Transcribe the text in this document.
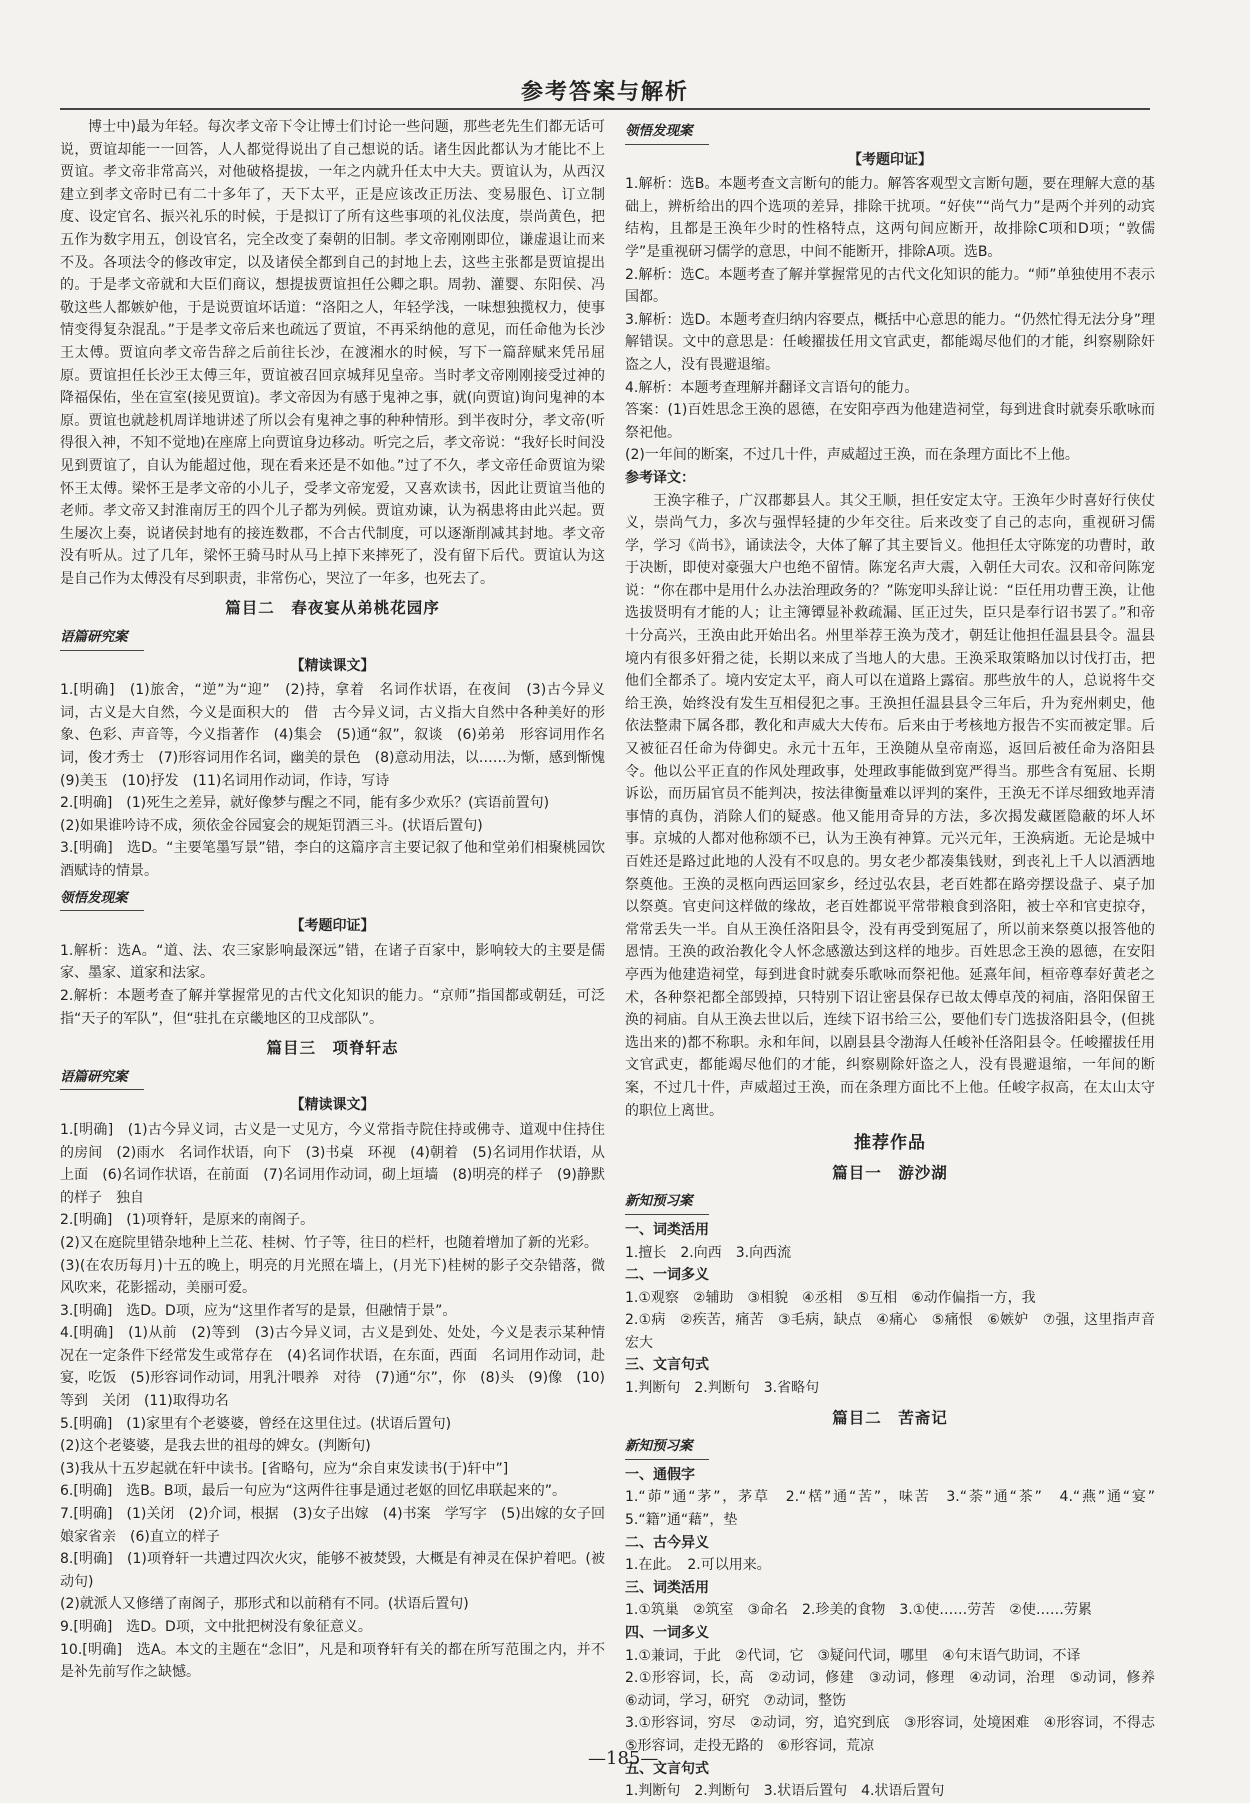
参考答案与解析

博士中)最为年轻。每次孝文帝下令让博士们讨论一些问题，那些老先生们都无话可说，贾谊却能一一回答，人人都觉得说出了自己想说的话。诸生因此都认为才能比不上贾谊。孝文帝非常高兴，对他破格提拔，一年之内就升任太中大夫。贾谊认为，从西汉建立到孝文帝时已有二十多年了，天下太平，正是应该改正历法、变易服色、订立制度、设定官名、振兴礼乐的时候，于是拟订了所有这些事项的礼仪法度，崇尚黄色，把五作为数字用五，创设官名，完全改变了秦朝的旧制。孝文帝刚刚即位，谦虚退让而来不及。各项法令的修改审定，以及诸侯全都到自己的封地上去，这些主张都是贾谊提出的。于是孝文帝就和大臣们商议，想提拔贾谊担任公卿之职。周勃、灌婴、东阳侯、冯敬这些人都嫉妒他，于是说贾谊坏话道：“洛阳之人，年轻学浅，一味想独揽权力，使事情变得复杂混乱。”于是孝文帝后来也疏远了贾谊，不再采纳他的意见，而任命他为长沙王太傅。贾谊向孝文帝告辞之后前往长沙，在渡湘水的时候，写下一篇辞赋来凭吊屈原。贾谊担任长沙王太傅三年，贾谊被召回京城拜见皇帝。当时孝文帝刚刚接受过神的降福保佑，坐在宣室(接见贾谊)。孝文帝因为有感于鬼神之事，就(向贾谊)询问鬼神的本原。贾谊也就趁机周详地讲述了所以会有鬼神之事的种种情形。到半夜时分，孝文帝(听得很入神，不知不觉地)在座席上向贾谊身边移动。听完之后，孝文帝说：“我好长时间没见到贾谊了，自认为能超过他，现在看来还是不如他。”过了不久，孝文帝任命贾谊为梁怀王太傅。梁怀王是孝文帝的小儿子，受孝文帝宠爱，又喜欢读书，因此让贾谊当他的老师。孝文帝又封淮南厉王的四个儿子都为列候。贾谊劝谏，认为祸患将由此兴起。贾生屡次上奏，说诸侯封地有的接连数郡，不合古代制度，可以逐渐削减其封地。孝文帝没有听从。过了几年，梁怀王骑马时从马上掉下来摔死了，没有留下后代。贾谊认为这是自己作为太傅没有尽到职责，非常伤心，哭泣了一年多，也死去了。

篇目二　春夜宴从弟桃花园序
语篇研究案
【精读课文】

1.[明确]　(1)旅舍，“逆”为“迎”　(2)持，拿着　名词作状语，在夜间　(3)古今异义词，古义是大自然，今义是面积大的　借　古今异义词，古义指大自然中各种美好的形象、色彩、声音等，今义指著作　(4)集会　(5)通“叙”，叙谈　(6)弟弟　形容词用作名词，俊才秀士　(7)形容词用作名词，幽美的景色　(8)意动用法，以……为惭，感到惭愧　(9)美玉　(10)抒发　(11)名词用作动词，作诗，写诗

2.[明确]　(1)死生之差异，就好像梦与醒之不同，能有多少欢乐？(宾语前置句)

(2)如果谁吟诗不成，须依金谷园宴会的规矩罚酒三斗。(状语后置句)

3.[明确]　选D。“主要笔墨写景”错，李白的这篇序言主要记叙了他和堂弟们相聚桃园饮酒赋诗的情景。

领悟发现案
【考题印证】

1.解析：选A。“道、法、农三家影响最深远”错，在诸子百家中，影响较大的主要是儒家、墨家、道家和法家。

2.解析：本题考查了解并掌握常见的古代文化知识的能力。“京师”指国都或朝廷，可泛指“天子的军队”，但“驻扎在京畿地区的卫戍部队”。

篇目三　项脊轩志
语篇研究案
【精读课文】

1.[明确]　(1)古今异义词，古义是一丈见方，今义常指寺院住持或佛寺、道观中住持住的房间　(2)雨水　名词作状语，向下　(3)书桌　环视　(4)朝着　(5)名词用作状语，从上面　(6)名词作状语，在前面　(7)名词用作动词，砌上垣墙　(8)明亮的样子　(9)静默的样子　独自

2.[明确]　(1)项脊轩，是原来的南阁子。

(2)又在庭院里错杂地种上兰花、桂树、竹子等，往日的栏杆，也随着增加了新的光彩。

(3)(在农历每月)十五的晚上，明亮的月光照在墙上，(月光下)桂树的影子交杂错落，微风吹来，花影摇动，美丽可爱。

3.[明确]　选D。D项，应为“这里作者写的是景，但融情于景”。

4.[明确]　(1)从前　(2)等到　(3)古今异义词，古义是到处、处处，今义是表示某种情况在一定条件下经常发生或常存在　(4)名词作状语，在东面，西面　名词用作动词，赴宴，吃饭　(5)形容词作动词，用乳汁喂养　对待　(7)通“尔”，你　(8)头　(9)像　(10)等到　关闭　(11)取得功名

5.[明确]　(1)家里有个老婆婆，曾经在这里住过。(状语后置句)

(2)这个老婆婆，是我去世的祖母的婢女。(判断句)

(3)我从十五岁起就在轩中读书。[省略句，应为“余自束发读书(于)轩中”]

6.[明确]　选B。B项，最后一句应为“这两件往事是通过老妪的回忆串联起来的”。

7.[明确]　(1)关闭　(2)介词，根据　(3)女子出嫁　(4)书案　学写字　(5)出嫁的女子回娘家省亲　(6)直立的样子

8.[明确]　(1)项脊轩一共遭过四次火灾，能够不被焚毁，大概是有神灵在保护着吧。(被动句)

(2)就派人又修缮了南阁子，那形式和以前稍有不同。(状语后置句)

9.[明确]　选D。D项，文中批把树没有象征意义。

10.[明确]　选A。本文的主题在“念旧”，凡是和项脊轩有关的都在所写范围之内，并不是补先前写作之缺憾。

领悟发现案
【考题印证】

1.解析：选B。本题考查文言断句的能力。解答客观型文言断句题，要在理解大意的基础上，辨析给出的四个选项的差异，排除干扰项。“好侠”“尚气力”是两个并列的动宾结构，且都是王涣年少时的性格特点，这两句间应断开，故排除C项和D项；“敦儒学”是重视研习儒学的意思，中间不能断开，排除A项。选B。

2.解析：选C。本题考查了解并掌握常见的古代文化知识的能力。“师”单独使用不表示国都。

3.解析：选D。本题考查归纳内容要点，概括中心意思的能力。“仍然忙得无法分身”理解错误。文中的意思是：任峻擢拔任用文官武吏，都能竭尽他们的才能，纠察剔除奸盗之人，没有畏避退缩。

4.解析：本题考查理解并翻译文言语句的能力。

答案：(1)百姓思念王涣的恩德，在安阳亭西为他建造祠堂，每到进食时就奏乐歌咏而祭祀他。

(2)一年间的断案，不过几十件，声威超过王涣，而在条理方面比不上他。

参考译文：

王涣字稚子，广汉郡郪县人。其父王顺，担任安定太守。王涣年少时喜好行侠仗义，崇尚气力，多次与强悍轻捷的少年交往。后来改变了自己的志向，重视研习儒学，学习《尚书》，诵读法令，大体了解了其主要旨义。他担任太守陈宠的功曹时，敢于决断，即使对豪强大户也绝不留情。陈宠名声大震，入朝任大司农。汉和帝问陈宠说：“你在郡中是用什么办法治理政务的？”陈宠叩头辞让说：“臣任用功曹王涣，让他选拔贤明有才能的人；让主簿镡显补救疏漏、匡正过失，臣只是奉行诏书罢了。”和帝十分高兴，王涣由此开始出名。州里举荐王涣为茂才，朝廷让他担任温县县令。温县境内有很多奸猾之徒，长期以来成了当地人的大患。王涣采取策略加以讨伐打击，把他们全都杀了。境内安定太平，商人可以在道路上露宿。那些放牛的人，总说将牛交给王涣，始终没有发生互相侵犯之事。王涣担任温县县令三年后，升为兖州刺史，他依法整肃下属各郡，教化和声威大大传布。后来由于考核地方报告不实而被定罪。后又被征召任命为侍御史。永元十五年，王涣随从皇帝南巡，返回后被任命为洛阳县令。他以公平正直的作风处理政事，处理政事能做到宽严得当。那些含有冤屈、长期诉讼，而历届官员不能判决，按法律衡量难以评判的案件，王涣无不详尽细致地弄清事情的真伪，消除人们的疑惑。他又能用奇异的方法，多次揭发藏匿隐蔽的坏人坏事。京城的人都对他称颂不已，认为王涣有神算。元兴元年，王涣病逝。无论是城中百姓还是路过此地的人没有不叹息的。男女老少都凑集钱财，到丧礼上千人以酒洒地祭奠他。王涣的灵柩向西运回家乡，经过弘农县，老百姓都在路旁摆设盘子、桌子加以祭奠。官吏问这样做的缘故，老百姓都说平常带粮食到洛阳，被士卒和官吏掠夺，常常丢失一半。自从王涣任洛阳县令，没有再受到冤屈了，所以前来祭奠以报答他的恩情。王涣的政治教化令人怀念感激达到这样的地步。百姓思念王涣的恩德，在安阳亭西为他建造祠堂，每到进食时就奏乐歌咏而祭祀他。延熹年间，桓帝尊奉好黄老之术，各种祭祀都全部毁掉，只特别下诏让密县保存已故太傅卓茂的祠庙，洛阳保留王涣的祠庙。自从王涣去世以后，连续下诏书给三公，要他们专门选拔洛阳县令，(但挑选出来的)都不称职。永和年间，以剧县县令渤海人任峻补任洛阳县令。任峻擢拔任用文官武吏，都能竭尽他们的才能，纠察剔除奸盗之人，没有畏避退缩，一年间的断案，不过几十件，声威超过王涣，而在条理方面比不上他。任峻字叔高，在太山太守的职位上离世。

推荐作品
篇目一　游沙湖
新知预习案

一、词类活用

1.擅长　2.向西　3.向西流

二、一词多义

1.①观察　②辅助　③相貌　④丞相　⑤互相　⑥动作偏指一方，我

2.①病　②疾苦，痛苦　③毛病，缺点　④痛心　⑤痛恨　⑥嫉妒　⑦强，这里指声音宏大

三、文言句式

1.判断句　2.判断句　3.省略句

篇目二　苦斋记
新知预习案

一、通假字

1.“茆”通“茅”，茅草　2.“楛”通“苦”，味苦　3.“荼”通“茶”　4.“燕”通“宴”　5.“籍”通“藉”，垫

二、古今异义

1.在此。　2.可以用来。

三、词类活用

1.①筑巢　②筑室　③命名　2.珍美的食物　3.①使……劳苦　②使……劳累

四、一词多义

1.①兼词，于此　②代词，它　③疑问代词，哪里　④句末语气助词，不译

2.①形容词，长，高　②动词，修建　③动词，修理　④动词，治理　⑤动词，修养　⑥动词，学习，研究　⑦动词，整饬

3.①形容词，穷尽　②动词，穷，追究到底　③形容词，处境困难　④形容词，不得志　⑤形容词，走投无路的　⑥形容词，荒凉

五、文言句式

1.判断句　2.判断句　3.状语后置句　4.状语后置句

—185—
